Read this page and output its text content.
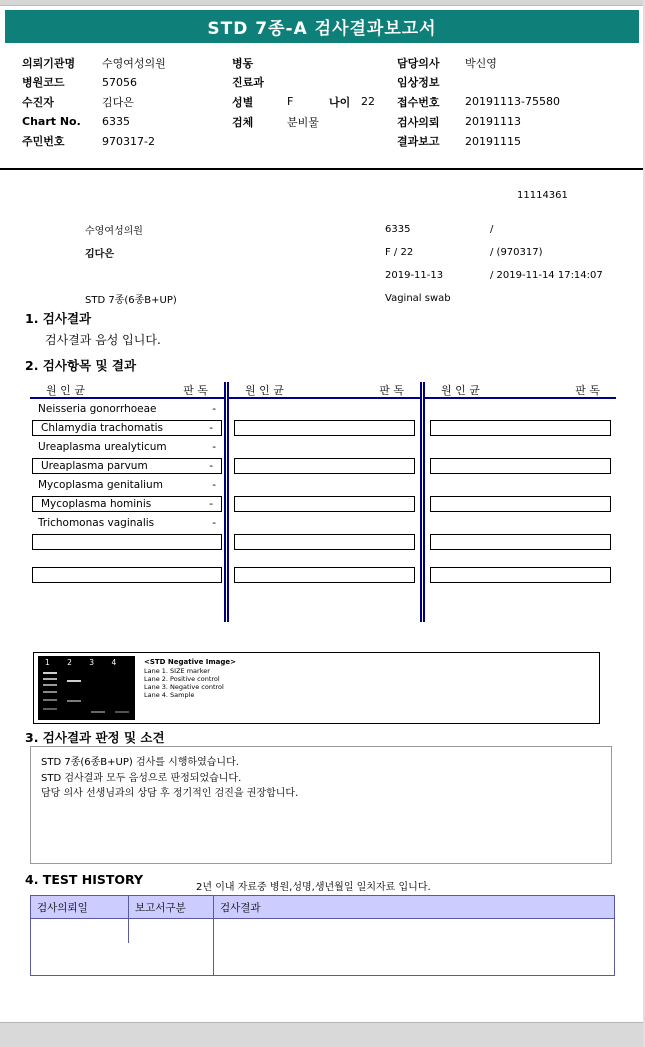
STD 7종-A 검사결과보고서
의뢰기관명	수영여성의원
병원코드	57056
수진자	김다은
Chart No.	6335
주민번호	970317-2
병동
진료과
성별	F	나이 22
검체	분비물
담당의사	박신영
임상정보
접수번호	20191113-75580
검사의뢰	20191113
결과보고	20191115
11114361
수영여성의원	6335	/
김다은	F / 22	/ (970317)
2019-11-13	/ 2019-11-14 17:14:07
STD 7종(6종B+UP)	Vaginal swab
1. 검사결과
검사결과 음성 입니다.
2. 검사항목 및 결과
원 인 균	판 독
Neisseria gonorrhoeae	-
Chlamydia trachomatis	-
Ureaplasma urealyticum	-
Ureaplasma parvum	-
Mycoplasma genitalium	-
Mycoplasma hominis	-
Trichomonas vaginalis	-
원 인 균	판 독	원 인 균	판 독
1 2 3 4	<STD Negative Image>
Lane 1. SIZE marker
Lane 2. Positive control
Lane 3. Negative control
Lane 4. Sample
3. 검사결과 판정 및 소견
STD 7종(6종B+UP) 검사를 시행하였습니다.
STD 검사결과 모두 음성으로 판정되었습니다.
담당 의사 선생님과의 상담 후 정기적인 검진을 권장합니다.
4. TEST HISTORY
2년 이내 자료중 병원,성명,생년월일 일치자료 입니다.
검사의뢰일	보고서구분	검사결과
